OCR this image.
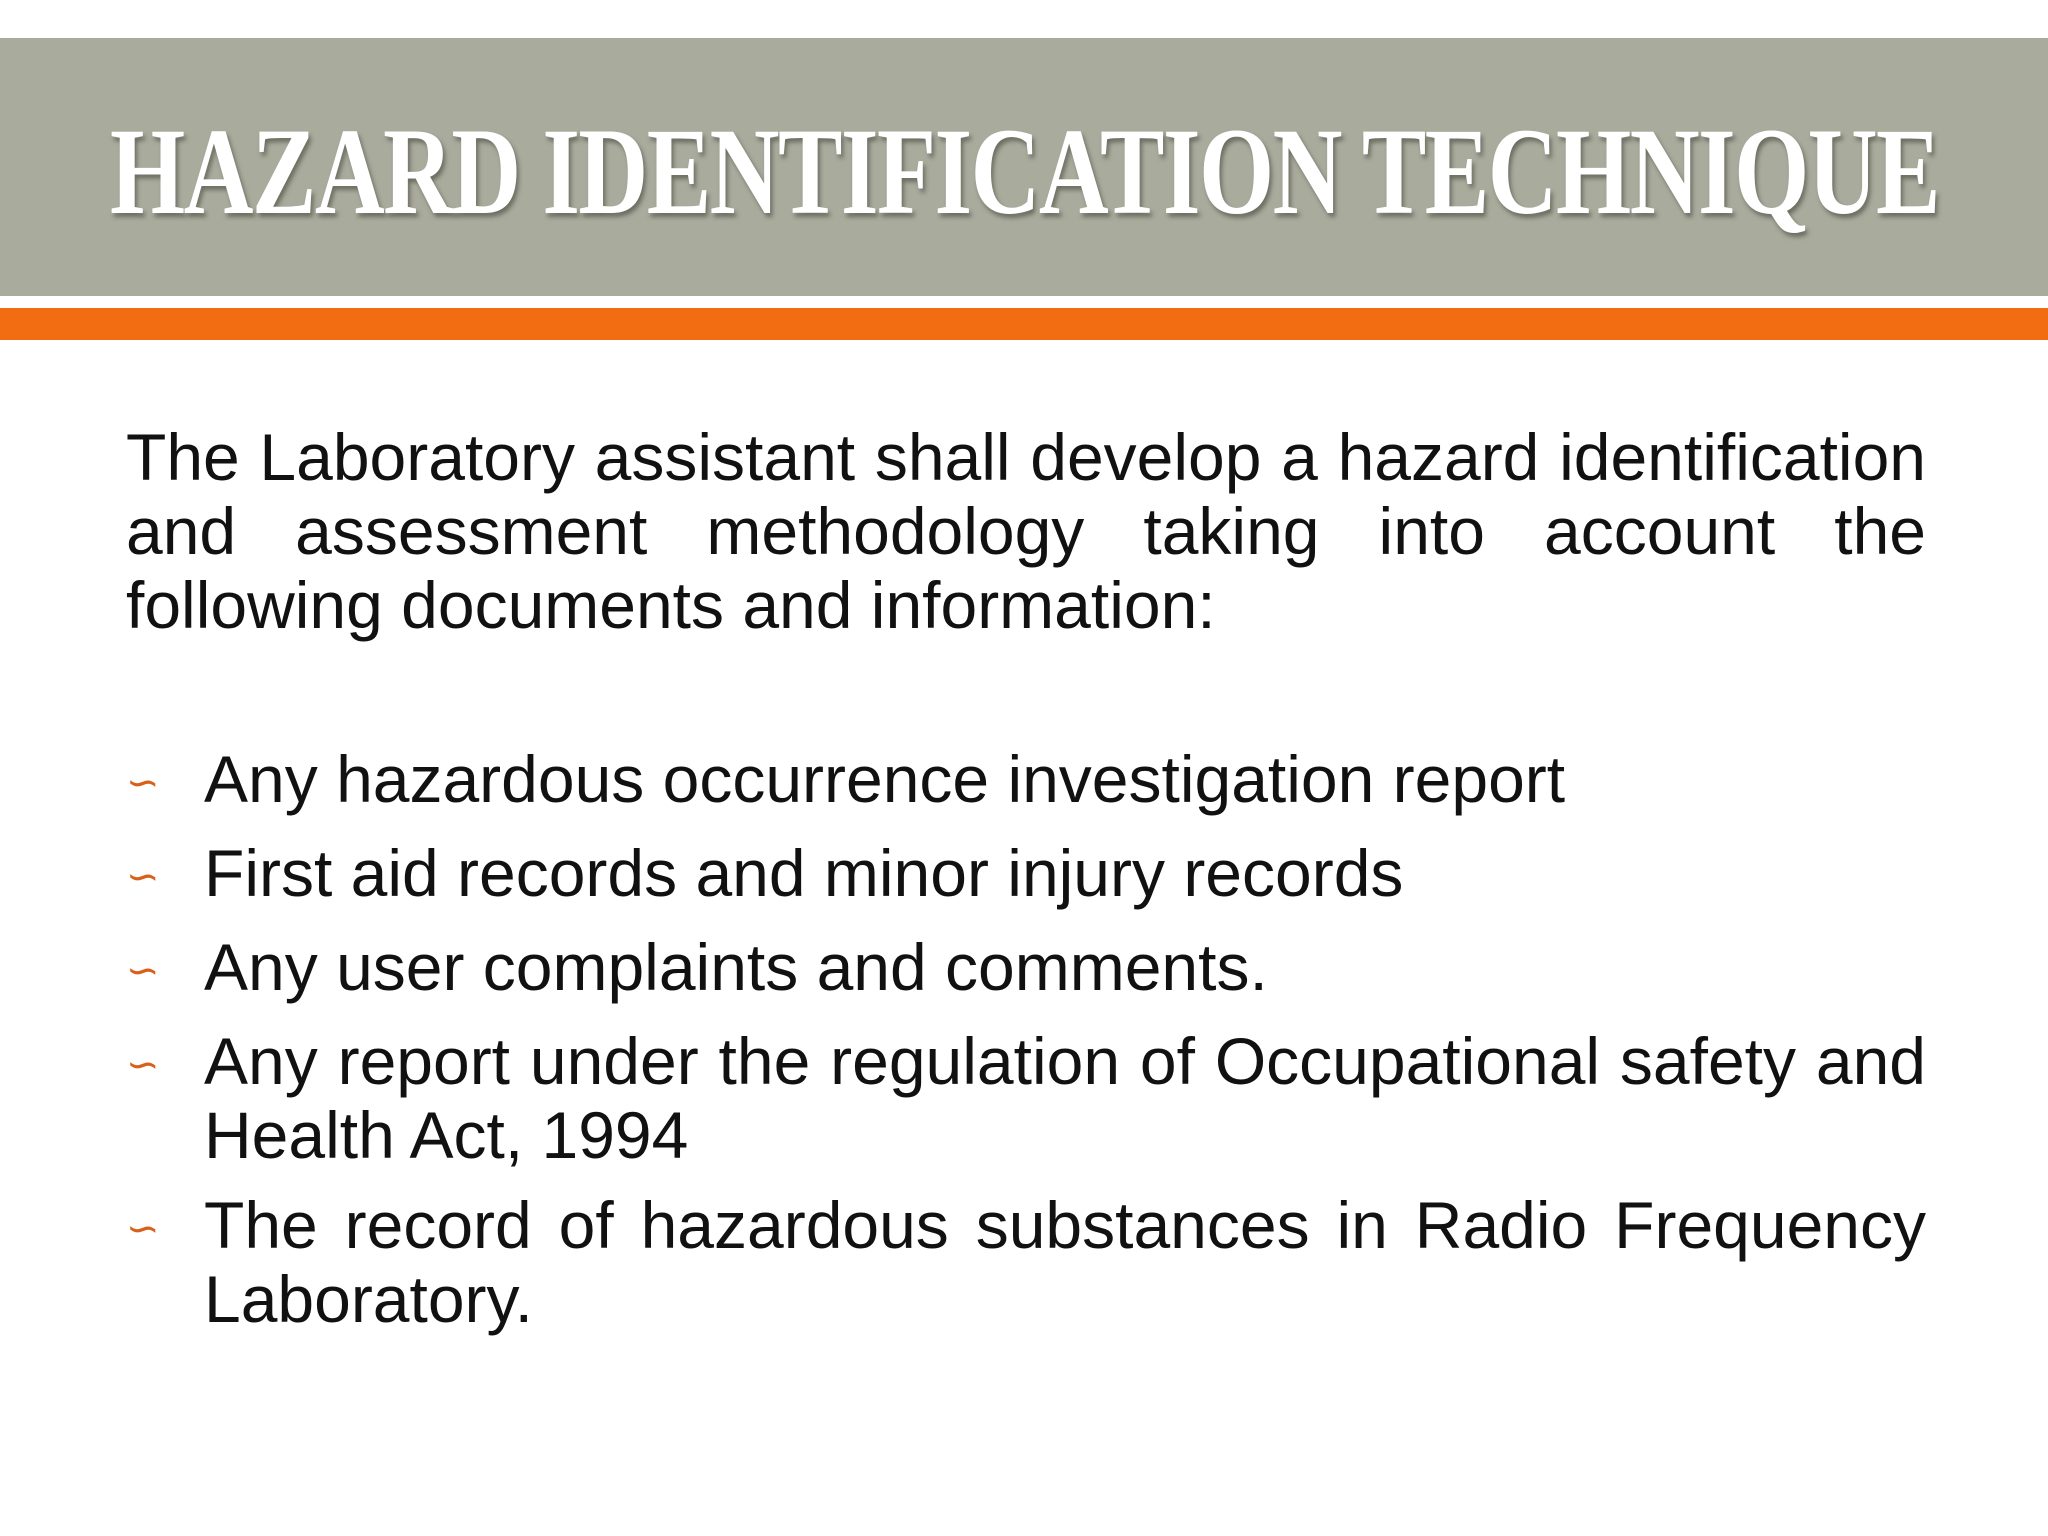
HAZARD IDENTIFICATION TECHNIQUE

The Laboratory assistant shall develop a hazard identification and assessment methodology taking into account the following documents and information:

∽ Any hazardous occurrence investigation report
∽ First aid records and minor injury records
∽ Any user complaints and comments.
∽ Any report under the regulation of Occupational safety and Health Act, 1994
∽ The record of hazardous substances in Radio Frequency Laboratory.
